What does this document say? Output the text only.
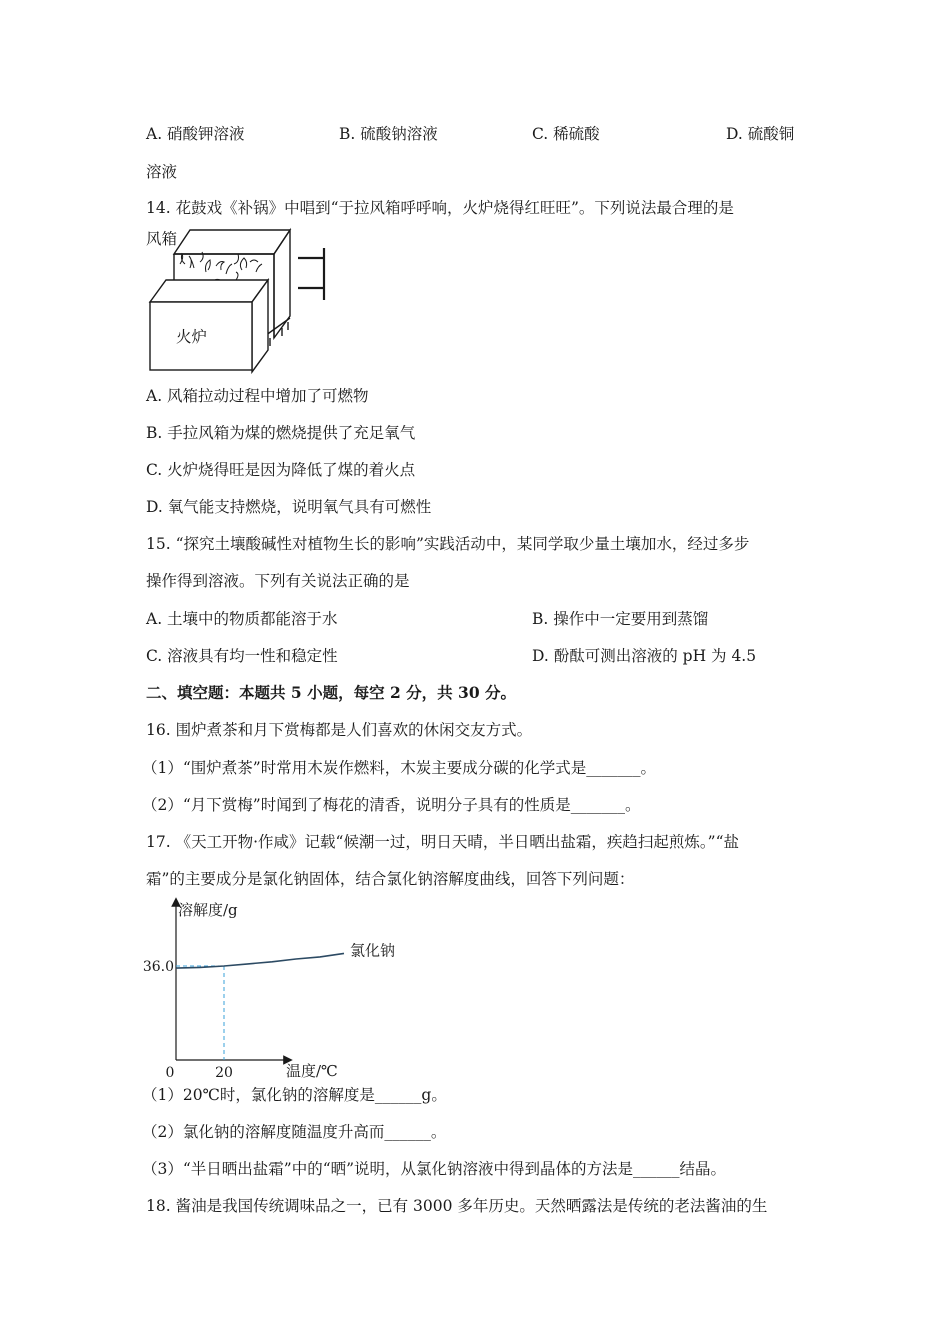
A. 硝酸钾溶液	B. 硫酸钠溶液	C. 稀硫酸	D. 硫酸铜
溶液
14. 花鼓戏《补锅》中唱到“于拉风箱呼呼响，火炉烧得红旺旺”。下列说法最合理的是
风箱
火炉
A. 风箱拉动过程中增加了可燃物
B. 手拉风箱为煤的燃烧提供了充足氧气
C. 火炉烧得旺是因为降低了煤的着火点
D. 氧气能支持燃烧，说明氧气具有可燃性
15. “探究土壤酸碱性对植物生长的影响”实践活动中，某同学取少量土壤加水，经过多步
操作得到溶液。下列有关说法正确的是
A. 土壤中的物质都能溶于水	B. 操作中一定要用到蒸馏
C. 溶液具有均一性和稳定性	D. 酚酞可测出溶液的 pH 为 4.5
二、填空题：本题共 5 小题，每空 2 分，共 30 分。
16. 围炉煮茶和月下赏梅都是人们喜欢的休闲交友方式。
（1）“围炉煮茶”时常用木炭作燃料，木炭主要成分碳的化学式是_______。
（2）“月下赏梅”时闻到了梅花的清香，说明分子具有的性质是_______。
17. 《天工开物·作咸》记载“候潮一过，明日天晴，半日晒出盐霜，疾趋扫起煎炼。”“盐
霜”的主要成分是氯化钠固体，结合氯化钠溶解度曲线，回答下列问题：
溶解度/g
温度/℃
0	20
36.0
氯化钠
（1）20℃时，氯化钠的溶解度是______g。
（2）氯化钠的溶解度随温度升高而______。
（3）“半日晒出盐霜”中的“晒”说明，从氯化钠溶液中得到晶体的方法是______结晶。
18. 酱油是我国传统调味品之一，已有 3000 多年历史。天然晒露法是传统的老法酱油的生
